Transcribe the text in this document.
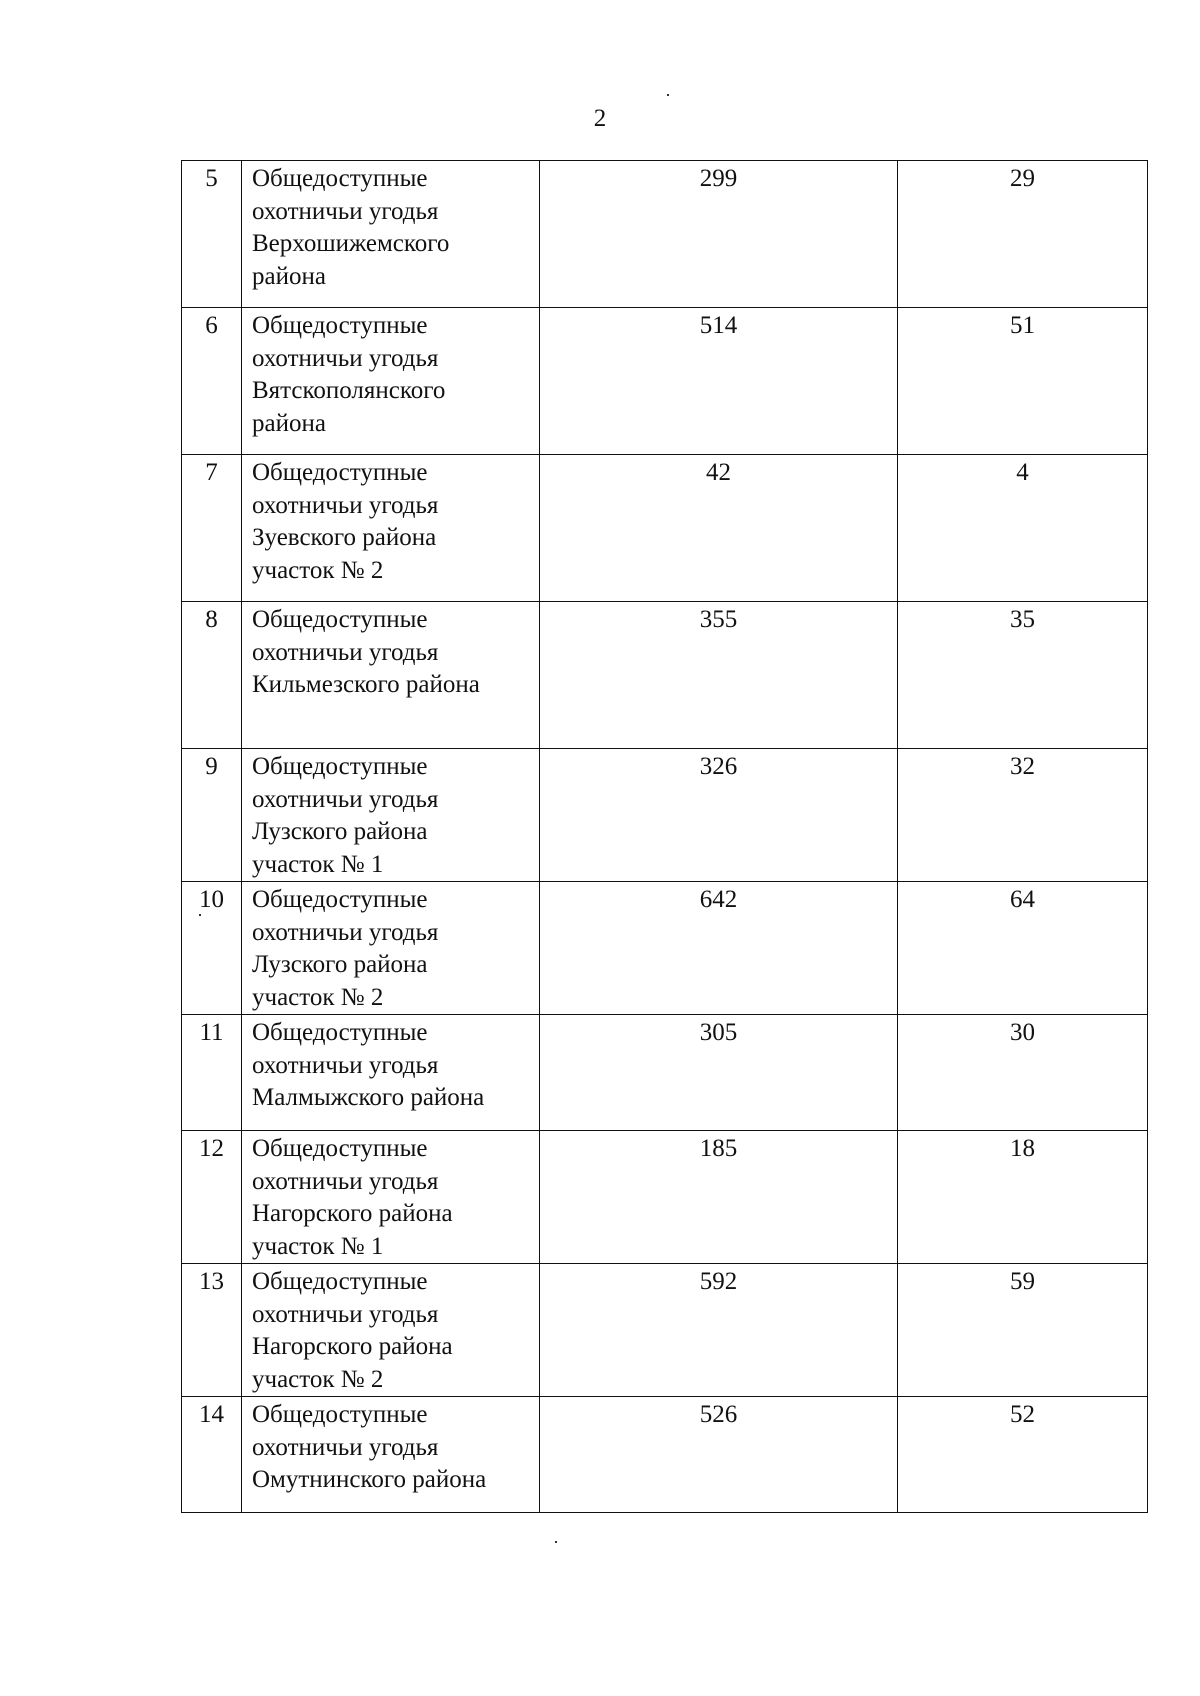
2
5	Общедоступные
охотничьи угодья
Верхошижемского
района	299	29
6	Общедоступные
охотничьи угодья
Вятскополянского
района	514	51
7	Общедоступные
охотничьи угодья
Зуевского района
участок № 2	42	4
8	Общедоступные
охотничьи угодья
Кильмезского района	355	35
9	Общедоступные
охотничьи угодья
Лузского района
участок № 1	326	32
10	Общедоступные
охотничьи угодья
Лузского района
участок № 2	642	64
11	Общедоступные
охотничьи угодья
Малмыжского района	305	30
12	Общедоступные
охотничьи угодья
Нагорского района
участок № 1	185	18
13	Общедоступные
охотничьи угодья
Нагорского района
участок № 2	592	59
14	Общедоступные
охотничьи угодья
Омутнинского района	526	52
